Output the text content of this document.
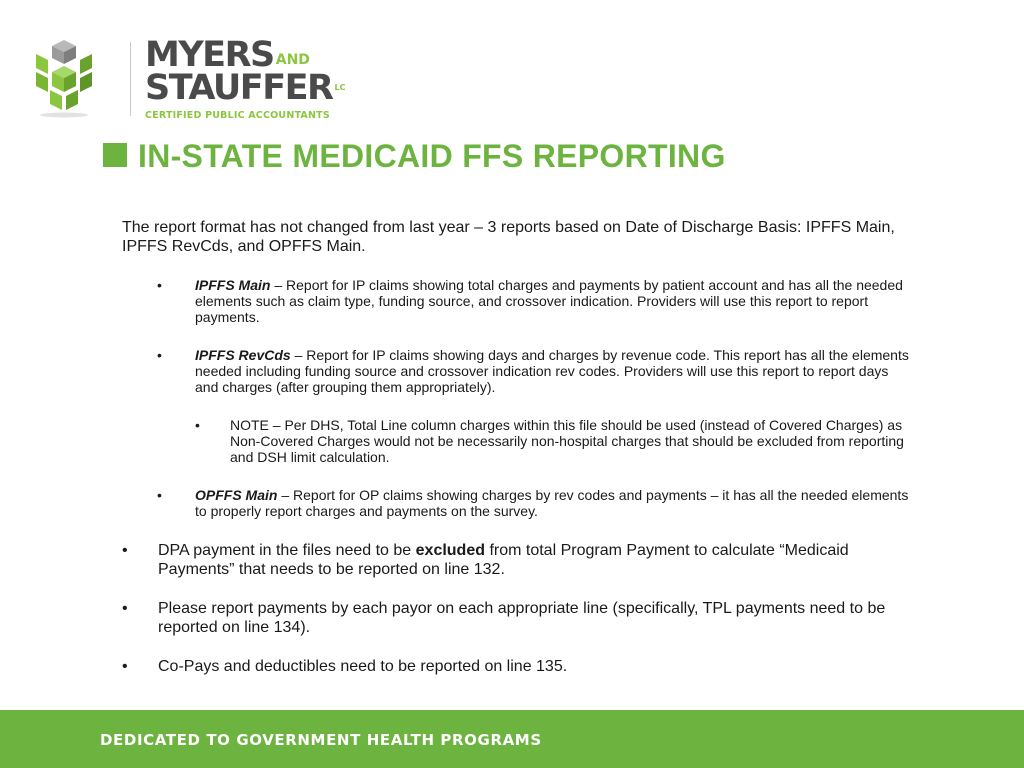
MYERS AND
STAUFFER LC
CERTIFIED PUBLIC ACCOUNTANTS
IN-STATE MEDICAID FFS REPORTING

The report format has not changed from last year – 3 reports based on Date of Discharge Basis: IPFFS Main, IPFFS RevCds, and OPFFS Main.

• IPFFS Main – Report for IP claims showing total charges and payments by patient account and has all the needed elements such as claim type, funding source, and crossover indication. Providers will use this report to report payments.
• IPFFS RevCds – Report for IP claims showing days and charges by revenue code. This report has all the elements needed including funding source and crossover indication rev codes. Providers will use this report to report days and charges (after grouping them appropriately).
• NOTE – Per DHS, Total Line column charges within this file should be used (instead of Covered Charges) as Non-Covered Charges would not be necessarily non-hospital charges that should be excluded from reporting and DSH limit calculation.
• OPFFS Main – Report for OP claims showing charges by rev codes and payments – it has all the needed elements to properly report charges and payments on the survey.
• DPA payment in the files need to be excluded from total Program Payment to calculate “Medicaid Payments” that needs to be reported on line 132.
• Please report payments by each payor on each appropriate line (specifically, TPL payments need to be reported on line 134).
• Co-Pays and deductibles need to be reported on line 135.
DEDICATED TO GOVERNMENT HEALTH PROGRAMS
